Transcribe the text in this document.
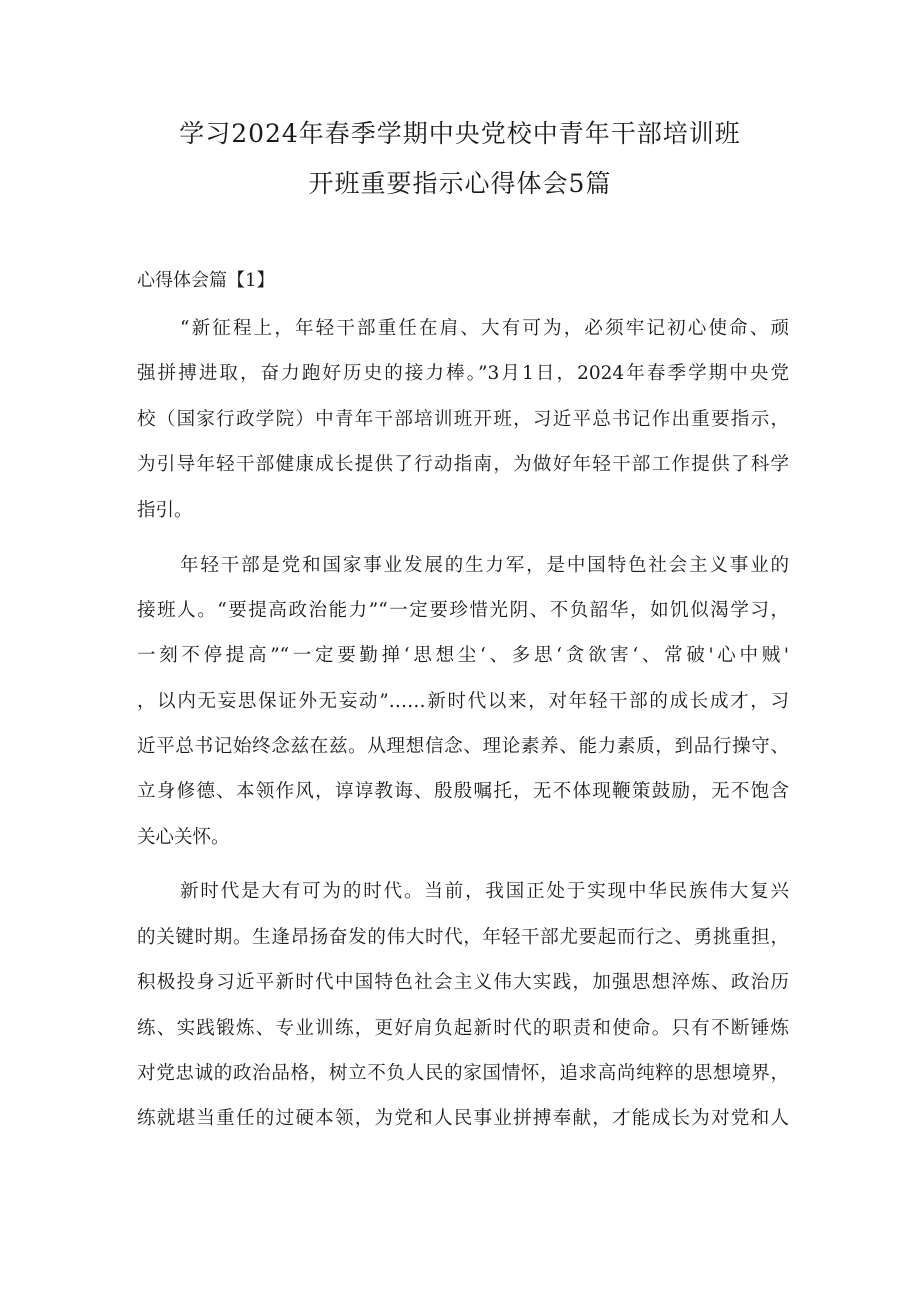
学习2024年春季学期中央党校中青年干部培训班
开班重要指示心得体会5篇
心得体会篇【1】
“新征程上，年轻干部重任在肩、大有可为，必须牢记初心使命、顽
强拼搏进取，奋力跑好历史的接力棒。”3月1日，2024年春季学期中央党
校（国家行政学院）中青年干部培训班开班，习近平总书记作出重要指示，
为引导年轻干部健康成长提供了行动指南，为做好年轻干部工作提供了科学
指引。
年轻干部是党和国家事业发展的生力军，是中国特色社会主义事业的
接班人。“要提高政治能力”“一定要珍惜光阴、不负韶华，如饥似渴学习，
一刻不停提高”“一定要勤掸‘思想尘‘、多思‘贪欲害‘、常破'心中贼'
，以内无妄思保证外无妄动”……新时代以来，对年轻干部的成长成才，习
近平总书记始终念兹在兹。从理想信念、理论素养、能力素质，到品行操守、
立身修德、本领作风，谆谆教诲、殷殷嘱托，无不体现鞭策鼓励，无不饱含
关心关怀。
新时代是大有可为的时代。当前，我国正处于实现中华民族伟大复兴
的关键时期。生逢昂扬奋发的伟大时代，年轻干部尤要起而行之、勇挑重担，
积极投身习近平新时代中国特色社会主义伟大实践，加强思想淬炼、政治历
练、实践锻炼、专业训练，更好肩负起新时代的职责和使命。只有不断锤炼
对党忠诚的政治品格，树立不负人民的家国情怀，追求高尚纯粹的思想境界，
练就堪当重任的过硬本领，为党和人民事业拼搏奉献，才能成长为对党和人
